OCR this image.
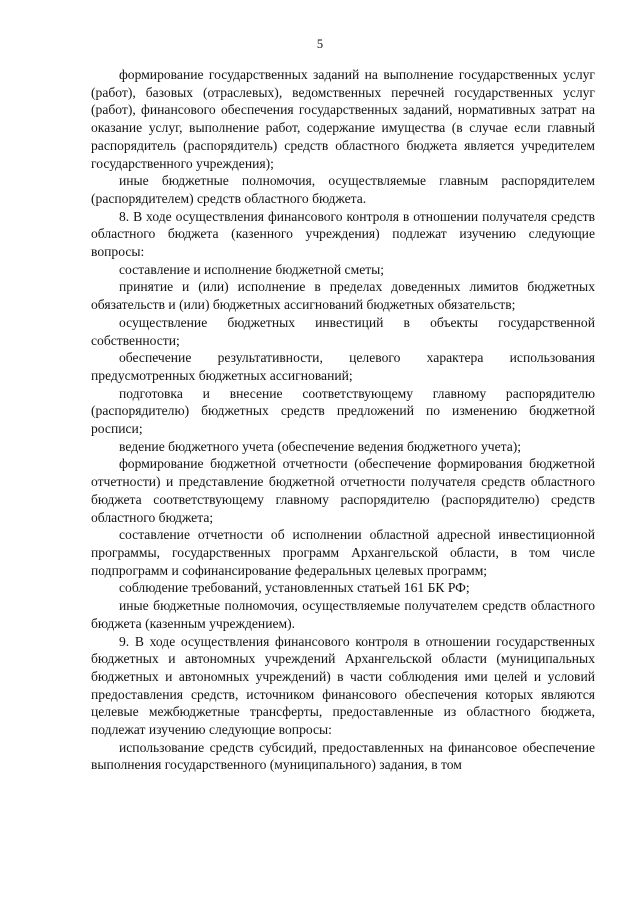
5

формирование государственных заданий на выполнение государственных услуг (работ), базовых (отраслевых), ведомственных перечней государственных услуг (работ), финансового обеспечения государственных заданий, нормативных затрат на оказание услуг, выполнение работ, содержание имущества (в случае если главный распорядитель (распорядитель) средств областного бюджета является учредителем государственного учреждения);

иные бюджетные полномочия, осуществляемые главным распорядителем (распорядителем) средств областного бюджета.

8. В ходе осуществления финансового контроля в отношении получателя средств областного бюджета (казенного учреждения) подлежат изучению следующие вопросы:

составление и исполнение бюджетной сметы;

принятие и (или) исполнение в пределах доведенных лимитов бюджетных обязательств и (или) бюджетных ассигнований бюджетных обязательств;

осуществление бюджетных инвестиций в объекты государственной собственности;

обеспечение результативности, целевого характера использования предусмотренных бюджетных ассигнований;

подготовка и внесение соответствующему главному распорядителю (распорядителю) бюджетных средств предложений по изменению бюджетной росписи;

ведение бюджетного учета (обеспечение ведения бюджетного учета);

формирование бюджетной отчетности (обеспечение формирования бюджетной отчетности) и представление бюджетной отчетности получателя средств областного бюджета соответствующему главному распорядителю (распорядителю) средств областного бюджета;

составление отчетности об исполнении областной адресной инвестиционной программы, государственных программ Архангельской области, в том числе подпрограмм и софинансирование федеральных целевых программ;

соблюдение требований, установленных статьей 161 БК РФ;

иные бюджетные полномочия, осуществляемые получателем средств областного бюджета (казенным учреждением).

9. В ходе осуществления финансового контроля в отношении государственных бюджетных и автономных учреждений Архангельской области (муниципальных бюджетных и автономных учреждений) в части соблюдения ими целей и условий предоставления средств, источником финансового обеспечения которых являются целевые межбюджетные трансферты, предоставленные из областного бюджета, подлежат изучению следующие вопросы:

использование средств субсидий, предоставленных на финансовое обеспечение выполнения государственного (муниципального) задания, в том
